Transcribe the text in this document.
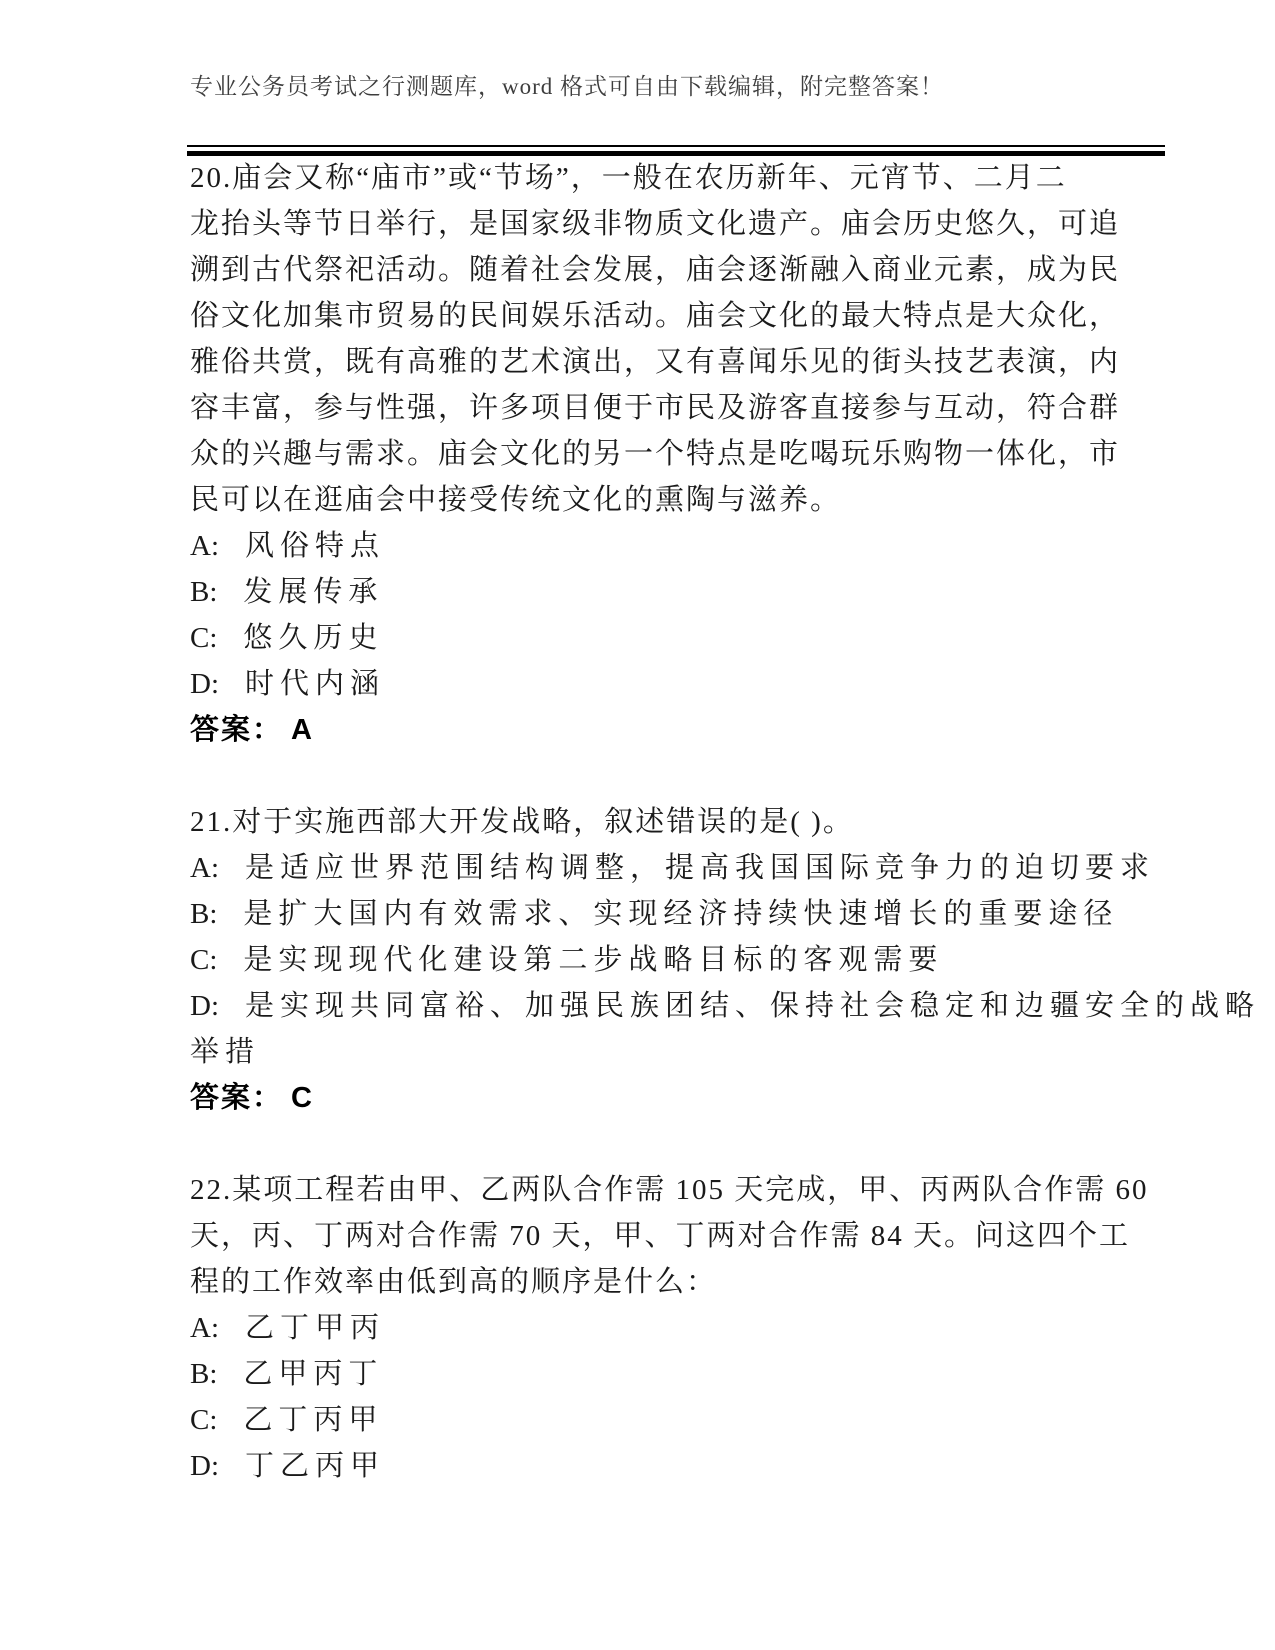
专业公务员考试之行测题库，word 格式可自由下载编辑，附完整答案！
20.庙会又称“庙市”或“节场”，一般在农历新年、元宵节、二月二
龙抬头等节日举行，是国家级非物质文化遗产。庙会历史悠久，可追
溯到古代祭祀活动。随着社会发展，庙会逐渐融入商业元素，成为民
俗文化加集市贸易的民间娱乐活动。庙会文化的最大特点是大众化，
雅俗共赏，既有高雅的艺术演出，又有喜闻乐见的街头技艺表演，内
容丰富，参与性强，许多项目便于市民及游客直接参与互动，符合群
众的兴趣与需求。庙会文化的另一个特点是吃喝玩乐购物一体化，市
民可以在逛庙会中接受传统文化的熏陶与滋养。
A: 风俗特点
B: 发展传承
C: 悠久历史
D: 时代内涵
答案： A
21.对于实施西部大开发战略，叙述错误的是( )。
A: 是适应世界范围结构调整，提高我国国际竞争力的迫切要求
B: 是扩大国内有效需求、实现经济持续快速增长的重要途径
C: 是实现现代化建设第二步战略目标的客观需要
D: 是实现共同富裕、加强民族团结、保持社会稳定和边疆安全的战略
举措
答案： C
22.某项工程若由甲、乙两队合作需 105 天完成，甲、丙两队合作需 60
天，丙、丁两对合作需 70 天，甲、丁两对合作需 84 天。问这四个工
程的工作效率由低到高的顺序是什么：
A: 乙丁甲丙
B: 乙甲丙丁
C: 乙丁丙甲
D: 丁乙丙甲
